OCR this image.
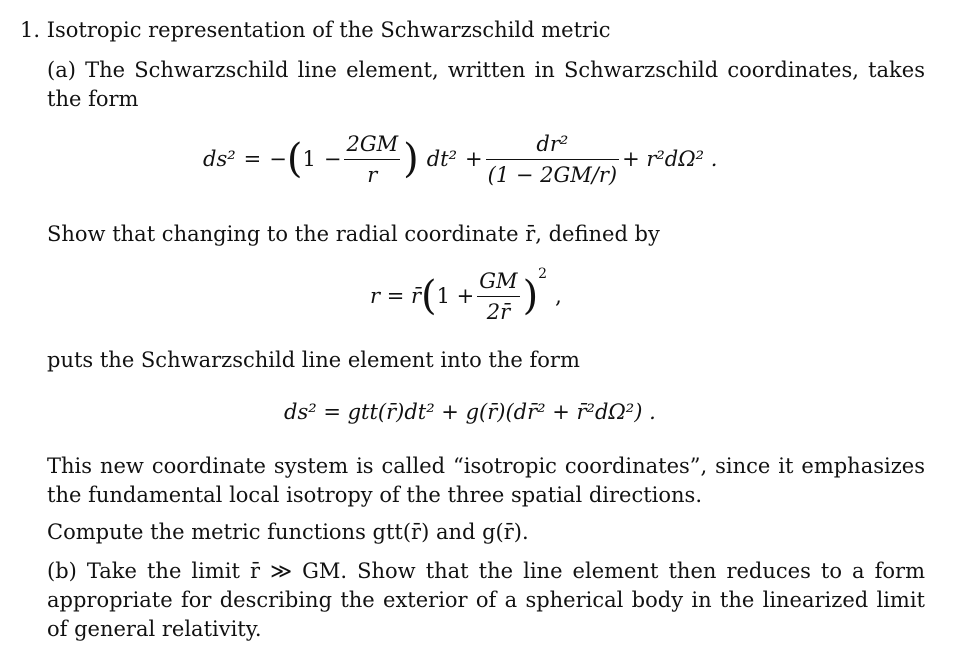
1. Isotropic representation of the Schwarzschild metric
(a) The Schwarzschild line element, written in Schwarzschild coordinates, takes the form
ds² = − ( $1 - \frac{2GM}{r}$ ) $dt^2 + \frac{\text{dr²}}{(1 - 2GM/r)} + r^2d\Omega^2$ .
Show that changing to the radial coordinate r̄, defined by
r = r̄ ( $1 + \frac{GM}{2r̄}$ ) 2
,
puts the Schwarzschild line element into the form
ds² = gtt(r̄)dt² + g(r̄)(dr̄² + r̄²dΩ²) .
This new coordinate system is called “isotropic coordinates”, since it emphasizes the fundamental local isotropy of the three spatial directions.
Compute the metric functions gtt(r̄) and g(r̄).
(b) Take the limit r̄ ≫ GM. Show that the line element then reduces to a form appropriate for describing the exterior of a spherical body in the linearized limit of general relativity.
